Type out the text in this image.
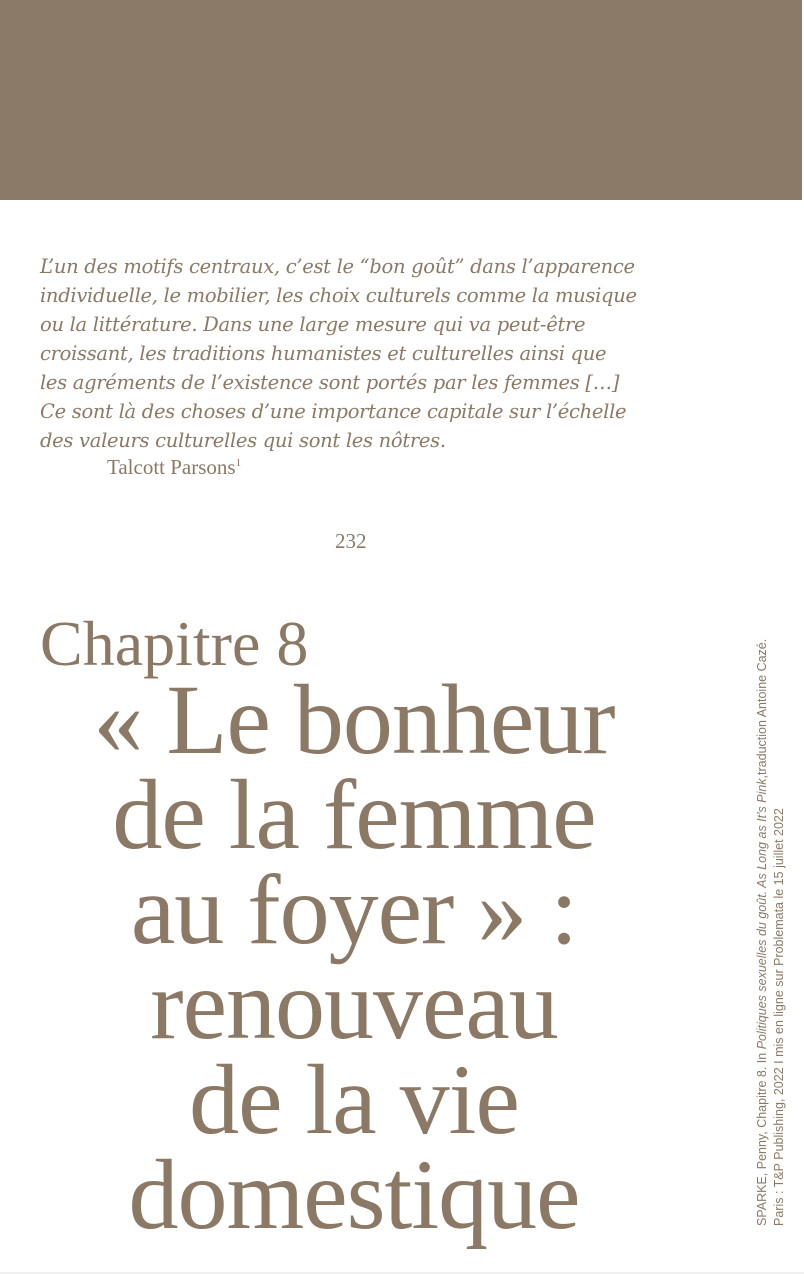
L’un des motifs centraux, c’est le “bon goût” dans l’apparence
individuelle, le mobilier, les choix culturels comme la musique
ou la littérature. Dans une large mesure qui va peut-être
croissant, les traditions humanistes et culturelles ainsi que
les agréments de l’existence sont portés par les femmes […]
Ce sont là des choses d’une importance capitale sur l’échelle
des valeurs culturelles qui sont les nôtres.
Talcott Parsons$^1$
232
Chapitre 8
« Le bonheur
de la femme
au foyer » :
renouveau
de la vie
domestique	SPARKE, Penny, Chapitre 8. In Politiques sexuelles du goût. As Long as It's Pink,traduction Antoine Cazé.
Paris : T&P Publishing, 2022 I mis en ligne sur Problemata le 15 juillet 2022
